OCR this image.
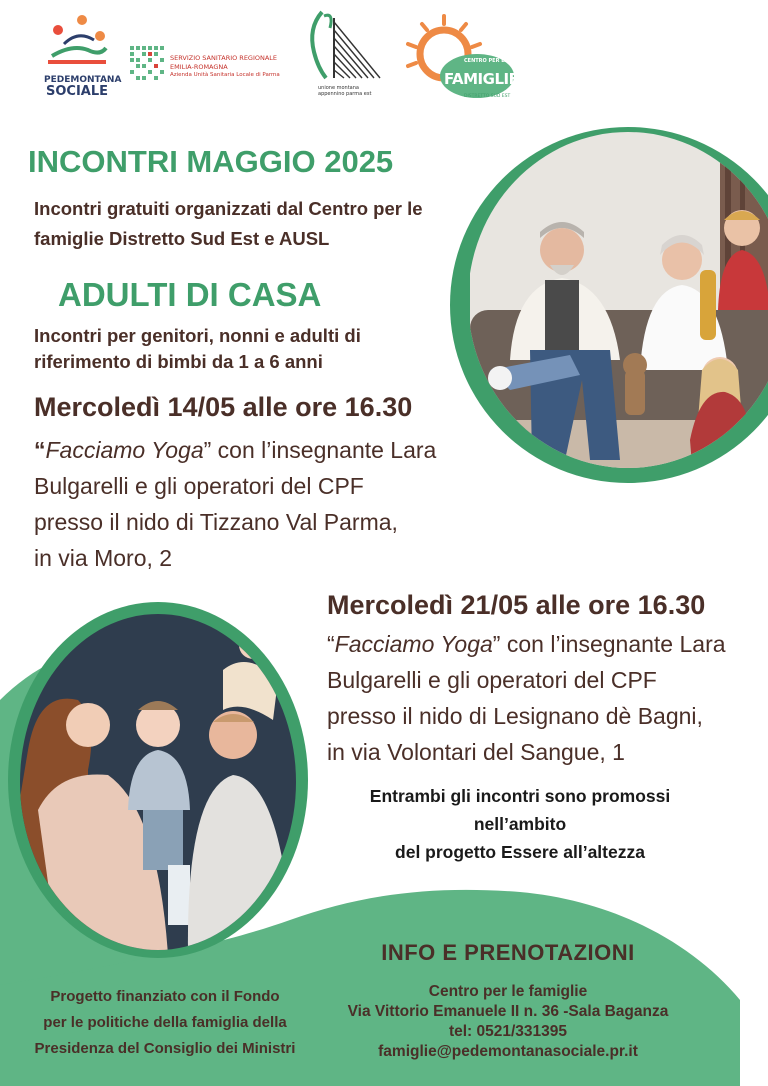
PEDEMONTANA
SOCIALE
SERVIZIO SANITARIO REGIONALE
EMILIA-ROMAGNA
Azienda Unità Sanitaria Locale di Parma
unione montana
appennino parma est
CENTRO PER LE
FAMIGLIE
DISTRETTO SUD EST
INCONTRI MAGGIO 2025
Incontri gratuiti organizzati dal Centro per le
famiglie Distretto Sud Est e AUSL
ADULTI DI CASA
Incontri per genitori, nonni e adulti di
riferimento di bimbi da 1 a 6 anni
Mercoledì 14/05 alle ore 16.30
“Facciamo Yoga” con l’insegnante Lara
Bulgarelli e gli operatori del CPF
presso il nido di Tizzano Val Parma,
in via Moro, 2
Mercoledì 21/05 alle ore 16.30
“Facciamo Yoga” con l’insegnante Lara
Bulgarelli e gli operatori del CPF
presso il nido di Lesignano dè Bagni,
in via Volontari del Sangue, 1
Entrambi gli incontri sono promossi
nell’ambito
del progetto Essere all’altezza
Progetto finanziato con il Fondo
per le politiche della famiglia della
Presidenza del Consiglio dei Ministri
INFO E PRENOTAZIONI
Centro per le famiglie
Via Vittorio Emanuele II n. 36 -Sala Baganza
tel: 0521/331395
famiglie@pedemontanasociale.pr.it
